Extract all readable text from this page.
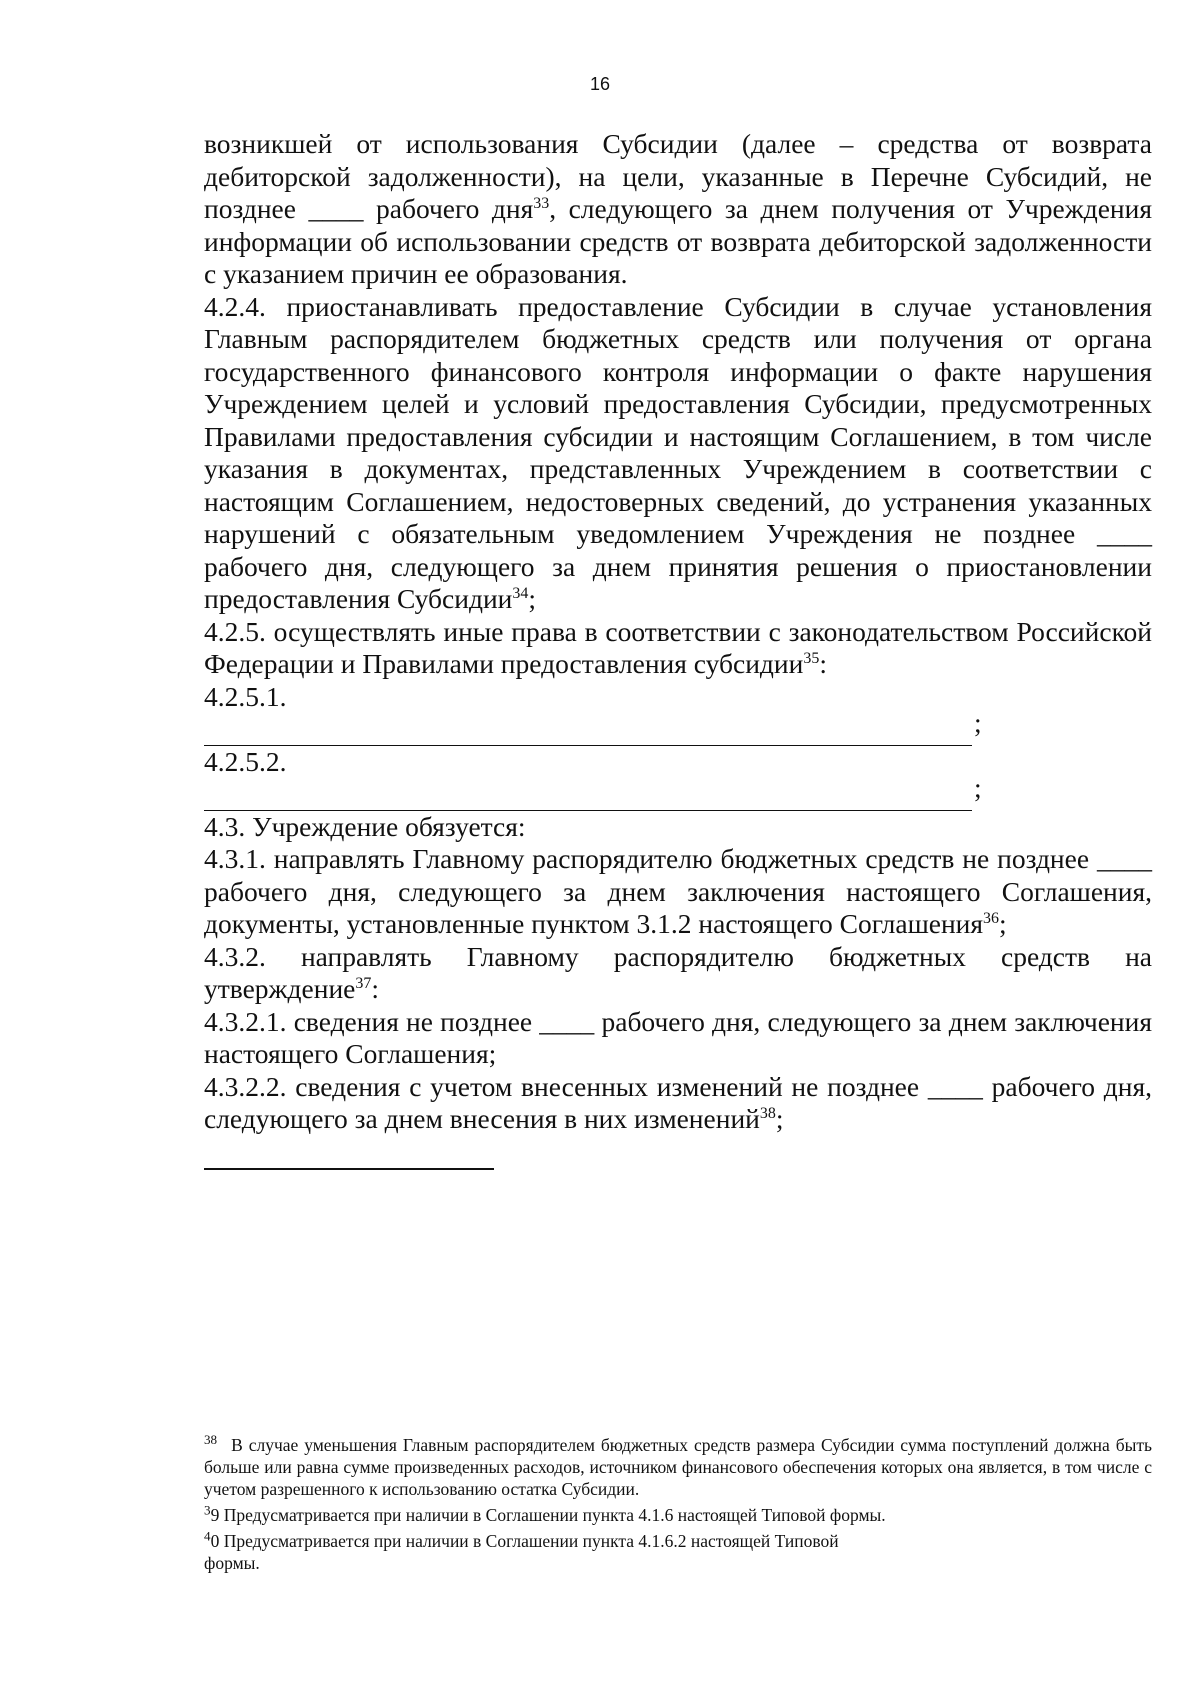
16

возникшей от использования Субсидии (далее – средства от возврата дебиторской задолженности), на цели, указанные в Перечне Субсидий, не позднее ____ рабочего дня$^{33}$, следующего за днем получения от Учреждения информации об использовании средств от возврата дебиторской задолженности с указанием причин ее образования.

4.2.4. приостанавливать предоставление Субсидии в случае установления Главным распорядителем бюджетных средств или получения от органа государственного финансового контроля информации о факте нарушения Учреждением целей и условий предоставления Субсидии, предусмотренных Правилами предоставления субсидии и настоящим Соглашением, в том числе указания в документах, представленных Учреждением в соответствии с настоящим Соглашением, недостоверных сведений, до устранения указанных нарушений с обязательным уведомлением Учреждения не позднее ____ рабочего дня, следующего за днем принятия решения о приостановлении предоставления Субсидии$^{34}$;

4.2.5. осуществлять иные права в соответствии с законодательством Российской Федерации и Правилами предоставления субсидии$^{35}$:

4.2.5.1.

;

4.2.5.2.

;

4.3. Учреждение обязуется:

4.3.1. направлять Главному распорядителю бюджетных средств не позднее ____ рабочего дня, следующего за днем заключения настоящего Соглашения, документы, установленные пунктом 3.1.2 настоящего Соглашения$^{36}$;

4.3.2. направлять Главному распорядителю бюджетных средств на утверждение$^{37}$:

4.3.2.1. сведения не позднее ____ рабочего дня, следующего за днем заключения настоящего Соглашения;

4.3.2.2. сведения с учетом внесенных изменений не позднее ____ рабочего дня, следующего за днем внесения в них изменений$^{38}$;

$^{38}$ В случае уменьшения Главным распорядителем бюджетных средств размера Субсидии сумма поступлений должна быть больше или равна сумме произведенных расходов, источником финансового обеспечения которых она является, в том числе с учетом разрешенного к использованию остатка Субсидии.

$^3$9 Предусматривается при наличии в Соглашении пункта 4.1.6 настоящей Типовой формы.

$^4$0 Предусматривается при наличии в Соглашении пункта 4.1.6.2 настоящей Типовой
формы.
